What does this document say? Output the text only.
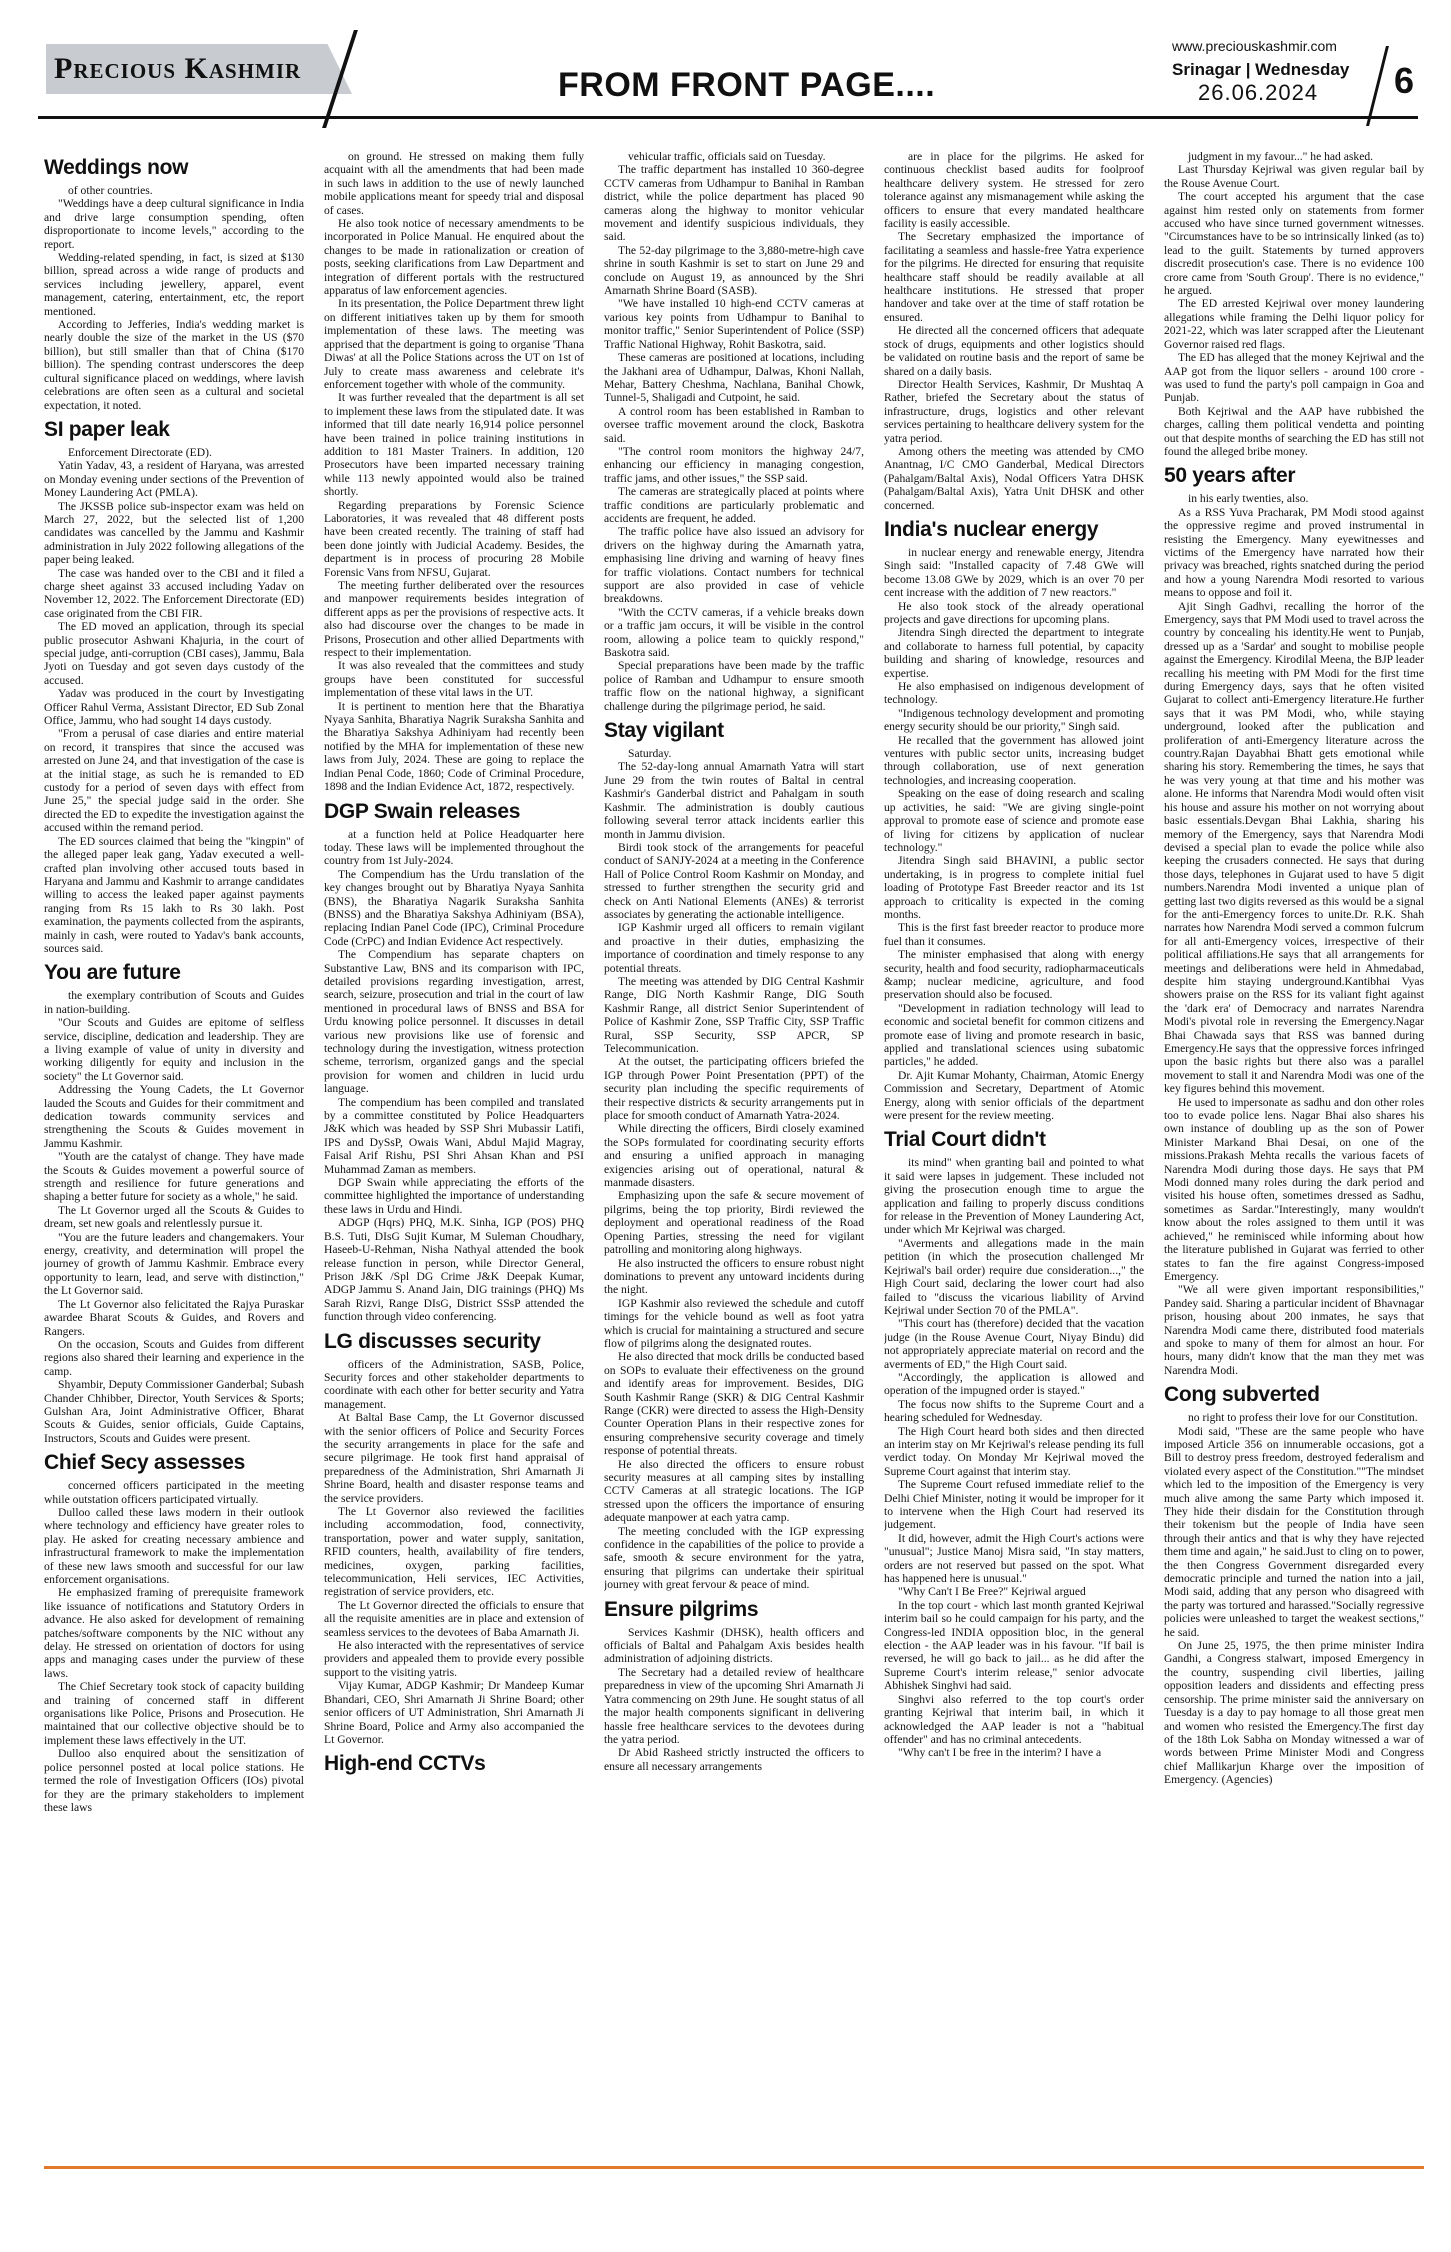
Precious Kashmir	FROM FRONT PAGE....
www.preciouskashmir.com
Srinagar | Wednesday
26.06.2024 6
Weddings now

of other countries.

"Weddings have a deep cultural significance in India and drive large consumption spending, often disproportionate to income levels," according to the report.

Wedding-related spending, in fact, is sized at $130 billion, spread across a wide range of products and services including jewellery, apparel, event management, catering, entertainment, etc, the report mentioned.

According to Jefferies, India's wedding market is nearly double the size of the market in the US ($70 billion), but still smaller than that of China ($170 billion). The spending contrast underscores the deep cultural significance placed on weddings, where lavish celebrations are often seen as a cultural and societal expectation, it noted.

SI paper leak

Enforcement Directorate (ED).

Yatin Yadav, 43, a resident of Haryana, was arrested on Monday evening under sections of the Prevention of Money Laundering Act (PMLA).

The JKSSB police sub-inspector exam was held on March 27, 2022, but the selected list of 1,200 candidates was cancelled by the Jammu and Kashmir administration in July 2022 following allegations of the paper being leaked.

The case was handed over to the CBI and it filed a charge sheet against 33 accused including Yadav on November 12, 2022. The Enforcement Directorate (ED) case originated from the CBI FIR.

The ED moved an application, through its special public prosecutor Ashwani Khajuria, in the court of special judge, anti-corruption (CBI cases), Jammu, Bala Jyoti on Tuesday and got seven days custody of the accused.

Yadav was produced in the court by Investigating Officer Rahul Verma, Assistant Director, ED Sub Zonal Office, Jammu, who had sought 14 days custody.

"From a perusal of case diaries and entire material on record, it transpires that since the accused was arrested on June 24, and that investigation of the case is at the initial stage, as such he is remanded to ED custody for a period of seven days with effect from June 25," the special judge said in the order. She directed the ED to expedite the investigation against the accused within the remand period.

The ED sources claimed that being the "kingpin" of the alleged paper leak gang, Yadav executed a well-crafted plan involving other accused touts based in Haryana and Jammu and Kashmir to arrange candidates willing to access the leaked paper against payments ranging from Rs 15 lakh to Rs 30 lakh. Post examination, the payments collected from the aspirants, mainly in cash, were routed to Yadav's bank accounts, sources said.

You are future

the exemplary contribution of Scouts and Guides in nation-building.

"Our Scouts and Guides are epitome of selfless service, discipline, dedication and leadership. They are a living example of value of unity in diversity and working diligently for equity and inclusion in the society" the Lt Governor said.

Addressing the Young Cadets, the Lt Governor lauded the Scouts and Guides for their commitment and dedication towards community services and strengthening the Scouts & Guides movement in Jammu Kashmir.

"Youth are the catalyst of change. They have made the Scouts & Guides movement a powerful source of strength and resilience for future generations and shaping a better future for society as a whole," he said.

The Lt Governor urged all the Scouts & Guides to dream, set new goals and relentlessly pursue it.

"You are the future leaders and changemakers. Your energy, creativity, and determination will propel the journey of growth of Jammu Kashmir. Embrace every opportunity to learn, lead, and serve with distinction," the Lt Governor said.

The Lt Governor also felicitated the Rajya Puraskar awardee Bharat Scouts & Guides, and Rovers and Rangers.

On the occasion, Scouts and Guides from different regions also shared their learning and experience in the camp.

Shyambir, Deputy Commissioner Ganderbal; Subash Chander Chhibber, Director, Youth Services & Sports; Gulshan Ara, Joint Administrative Officer, Bharat Scouts & Guides, senior officials, Guide Captains, Instructors, Scouts and Guides were present.

Chief Secy assesses

concerned officers participated in the meeting while outstation officers participated virtually.

Dulloo called these laws modern in their outlook where technology and efficiency have greater roles to play. He asked for creating necessary ambience and infrastructural framework to make the implementation of these new laws smooth and successful for our law enforcement organisations.

He emphasized framing of prerequisite framework like issuance of notifications and Statutory Orders in advance. He also asked for development of remaining patches/software components by the NIC without any delay. He stressed on orientation of doctors for using apps and managing cases under the purview of these laws.

The Chief Secretary took stock of capacity building and training of concerned staff in different organisations like Police, Prisons and Prosecution. He maintained that our collective objective should be to implement these laws effectively in the UT.

Dulloo also enquired about the sensitization of police personnel posted at local police stations. He termed the role of Investigation Officers (IOs) pivotal for they are the primary stakeholders to implement these laws

on ground. He stressed on making them fully acquaint with all the amendments that had been made in such laws in addition to the use of newly launched mobile applications meant for speedy trial and disposal of cases.

He also took notice of necessary amendments to be incorporated in Police Manual. He enquired about the changes to be made in rationalization or creation of posts, seeking clarifications from Law Department and integration of different portals with the restructured apparatus of law enforcement agencies.

In its presentation, the Police Department threw light on different initiatives taken up by them for smooth implementation of these laws. The meeting was apprised that the department is going to organise 'Thana Diwas' at all the Police Stations across the UT on 1st of July to create mass awareness and celebrate it's enforcement together with whole of the community.

It was further revealed that the department is all set to implement these laws from the stipulated date. It was informed that till date nearly 16,914 police personnel have been trained in police training institutions in addition to 181 Master Trainers. In addition, 120 Prosecutors have been imparted necessary training while 113 newly appointed would also be trained shortly.

Regarding preparations by Forensic Science Laboratories, it was revealed that 48 different posts have been created recently. The training of staff had been done jointly with Judicial Academy. Besides, the department is in process of procuring 28 Mobile Forensic Vans from NFSU, Gujarat.

The meeting further deliberated over the resources and manpower requirements besides integration of different apps as per the provisions of respective acts. It also had discourse over the changes to be made in Prisons, Prosecution and other allied Departments with respect to their implementation.

It was also revealed that the committees and study groups have been constituted for successful implementation of these vital laws in the UT.

It is pertinent to mention here that the Bharatiya Nyaya Sanhita, Bharatiya Nagrik Suraksha Sanhita and the Bharatiya Sakshya Adhiniyam had recently been notified by the MHA for implementation of these new laws from July, 2024. These are going to replace the Indian Penal Code, 1860; Code of Criminal Procedure, 1898 and the Indian Evidence Act, 1872, respectively.

DGP Swain releases

at a function held at Police Headquarter here today. These laws will be implemented throughout the country from 1st July-2024.

The Compendium has the Urdu translation of the key changes brought out by Bharatiya Nyaya Sanhita (BNS), the Bharatiya Nagarik Suraksha Sanhita (BNSS) and the Bharatiya Sakshya Adhiniyam (BSA), replacing Indian Panel Code (IPC), Criminal Procedure Code (CrPC) and Indian Evidence Act respectively.

The Compendium has separate chapters on Substantive Law, BNS and its comparison with IPC, detailed provisions regarding investigation, arrest, search, seizure, prosecution and trial in the court of law mentioned in procedural laws of BNSS and BSA for Urdu knowing police personnel. It discusses in detail various new provisions like use of forensic and technology during the investigation, witness protection scheme, terrorism, organized gangs and the special provision for women and children in lucid urdu language.

The compendium has been compiled and translated by a committee constituted by Police Headquarters J&K which was headed by SSP Shri Mubassir Latifi, IPS and DySsP, Owais Wani, Abdul Majid Magray, Faisal Arif Rishu, PSI Shri Ahsan Khan and PSI Muhammad Zaman as members.

DGP Swain while appreciating the efforts of the committee highlighted the importance of understanding these laws in Urdu and Hindi.

ADGP (Hqrs) PHQ, M.K. Sinha, IGP (POS) PHQ B.S. Tuti, DIsG Sujit Kumar, M Suleman Choudhary, Haseeb-U-Rehman, Nisha Nathyal attended the book release function in person, while Director General, Prison J&K /Spl DG Crime J&K Deepak Kumar, ADGP Jammu S. Anand Jain, DIG trainings (PHQ) Ms Sarah Rizvi, Range DIsG, District SSsP attended the function through video conferencing.

LG discusses security

officers of the Administration, SASB, Police, Security forces and other stakeholder departments to coordinate with each other for better security and Yatra management.

At Baltal Base Camp, the Lt Governor discussed with the senior officers of Police and Security Forces the security arrangements in place for the safe and secure pilgrimage. He took first hand appraisal of preparedness of the Administration, Shri Amarnath Ji Shrine Board, health and disaster response teams and the service providers.

The Lt Governor also reviewed the facilities including accommodation, food, connectivity, transportation, power and water supply, sanitation, RFID counters, health, availability of fire tenders, medicines, oxygen, parking facilities, telecommunication, Heli services, IEC Activities, registration of service providers, etc.

The Lt Governor directed the officials to ensure that all the requisite amenities are in place and extension of seamless services to the devotees of Baba Amarnath Ji.

He also interacted with the representatives of service providers and appealed them to provide every possible support to the visiting yatris.

Vijay Kumar, ADGP Kashmir; Dr Mandeep Kumar Bhandari, CEO, Shri Amarnath Ji Shrine Board; other senior officers of UT Administration, Shri Amarnath Ji Shrine Board, Police and Army also accompanied the Lt Governor.

High-end CCTVs

vehicular traffic, officials said on Tuesday.

The traffic department has installed 10 360-degree CCTV cameras from Udhampur to Banihal in Ramban district, while the police department has placed 90 cameras along the highway to monitor vehicular movement and identify suspicious individuals, they said.

The 52-day pilgrimage to the 3,880-metre-high cave shrine in south Kashmir is set to start on June 29 and conclude on August 19, as announced by the Shri Amarnath Shrine Board (SASB).

"We have installed 10 high-end CCTV cameras at various key points from Udhampur to Banihal to monitor traffic," Senior Superintendent of Police (SSP) Traffic National Highway, Rohit Baskotra, said.

These cameras are positioned at locations, including the Jakhani area of Udhampur, Dalwas, Khoni Nallah, Mehar, Battery Cheshma, Nachlana, Banihal Chowk, Tunnel-5, Shaligadi and Cutpoint, he said.

A control room has been established in Ramban to oversee traffic movement around the clock, Baskotra said.

"The control room monitors the highway 24/7, enhancing our efficiency in managing congestion, traffic jams, and other issues," the SSP said.

The cameras are strategically placed at points where traffic conditions are particularly problematic and accidents are frequent, he added.

The traffic police have also issued an advisory for drivers on the highway during the Amarnath yatra, emphasising line driving and warning of heavy fines for traffic violations. Contact numbers for technical support are also provided in case of vehicle breakdowns.

"With the CCTV cameras, if a vehicle breaks down or a traffic jam occurs, it will be visible in the control room, allowing a police team to quickly respond," Baskotra said.

Special preparations have been made by the traffic police of Ramban and Udhampur to ensure smooth traffic flow on the national highway, a significant challenge during the pilgrimage period, he said.

Stay vigilant

Saturday.

The 52-day-long annual Amarnath Yatra will start June 29 from the twin routes of Baltal in central Kashmir's Ganderbal district and Pahalgam in south Kashmir. The administration is doubly cautious following several terror attack incidents earlier this month in Jammu division.

Birdi took stock of the arrangements for peaceful conduct of SANJY-2024 at a meeting in the Conference Hall of Police Control Room Kashmir on Monday, and stressed to further strengthen the security grid and check on Anti National Elements (ANEs) & terrorist associates by generating the actionable intelligence.

IGP Kashmir urged all officers to remain vigilant and proactive in their duties, emphasizing the importance of coordination and timely response to any potential threats.

The meeting was attended by DIG Central Kashmir Range, DIG North Kashmir Range, DIG South Kashmir Range, all district Senior Superintendent of Police of Kashmir Zone, SSP Traffic City, SSP Traffic Rural, SSP Security, SSP APCR, SP Telecommunication.

At the outset, the participating officers briefed the IGP through Power Point Presentation (PPT) of the security plan including the specific requirements of their respective districts & security arrangements put in place for smooth conduct of Amarnath Yatra-2024.

While directing the officers, Birdi closely examined the SOPs formulated for coordinating security efforts and ensuring a unified approach in managing exigencies arising out of operational, natural & manmade disasters.

Emphasizing upon the safe & secure movement of pilgrims, being the top priority, Birdi reviewed the deployment and operational readiness of the Road Opening Parties, stressing the need for vigilant patrolling and monitoring along highways.

He also instructed the officers to ensure robust night dominations to prevent any untoward incidents during the night.

IGP Kashmir also reviewed the schedule and cutoff timings for the vehicle bound as well as foot yatra which is crucial for maintaining a structured and secure flow of pilgrims along the designated routes.

He also directed that mock drills be conducted based on SOPs to evaluate their effectiveness on the ground and identify areas for improvement. Besides, DIG South Kashmir Range (SKR) & DIG Central Kashmir Range (CKR) were directed to assess the High-Density Counter Operation Plans in their respective zones for ensuring comprehensive security coverage and timely response of potential threats.

He also directed the officers to ensure robust security measures at all camping sites by installing CCTV Cameras at all strategic locations. The IGP stressed upon the officers the importance of ensuring adequate manpower at each yatra camp.

The meeting concluded with the IGP expressing confidence in the capabilities of the police to provide a safe, smooth & secure environment for the yatra, ensuring that pilgrims can undertake their spiritual journey with great fervour & peace of mind.

Ensure pilgrims

Services Kashmir (DHSK), health officers and officials of Baltal and Pahalgam Axis besides health administration of adjoining districts.

The Secretary had a detailed review of healthcare preparedness in view of the upcoming Shri Amarnath Ji Yatra commencing on 29th June. He sought status of all the major health components significant in delivering hassle free healthcare services to the devotees during the yatra period.

Dr Abid Rasheed strictly instructed the officers to ensure all necessary arrangements

are in place for the pilgrims. He asked for continuous checklist based audits for foolproof healthcare delivery system. He stressed for zero tolerance against any mismanagement while asking the officers to ensure that every mandated healthcare facility is easily accessible.

The Secretary emphasized the importance of facilitating a seamless and hassle-free Yatra experience for the pilgrims. He directed for ensuring that requisite healthcare staff should be readily available at all healthcare institutions. He stressed that proper handover and take over at the time of staff rotation be ensured.

He directed all the concerned officers that adequate stock of drugs, equipments and other logistics should be validated on routine basis and the report of same be shared on a daily basis.

Director Health Services, Kashmir, Dr Mushtaq A Rather, briefed the Secretary about the status of infrastructure, drugs, logistics and other relevant services pertaining to healthcare delivery system for the yatra period.

Among others the meeting was attended by CMO Anantnag, I/C CMO Ganderbal, Medical Directors (Pahalgam/Baltal Axis), Nodal Officers Yatra DHSK (Pahalgam/Baltal Axis), Yatra Unit DHSK and other concerned.

India's nuclear energy

in nuclear energy and renewable energy, Jitendra Singh said: "Installed capacity of 7.48 GWe will become 13.08 GWe by 2029, which is an over 70 per cent increase with the addition of 7 new reactors."

He also took stock of the already operational projects and gave directions for upcoming plans.

Jitendra Singh directed the department to integrate and collaborate to harness full potential, by capacity building and sharing of knowledge, resources and expertise.

He also emphasised on indigenous development of technology.

"Indigenous technology development and promoting energy security should be our priority," Singh said.

He recalled that the government has allowed joint ventures with public sector units, increasing budget through collaboration, use of next generation technologies, and increasing cooperation.

Speaking on the ease of doing research and scaling up activities, he said: "We are giving single-point approval to promote ease of science and promote ease of living for citizens by application of nuclear technology."

Jitendra Singh said BHAVINI, a public sector undertaking, is in progress to complete initial fuel loading of Prototype Fast Breeder reactor and its 1st approach to criticality is expected in the coming months.

This is the first fast breeder reactor to produce more fuel than it consumes.

The minister emphasised that along with energy security, health and food security, radiopharmaceuticals &amp; nuclear medicine, agriculture, and food preservation should also be focused.

"Development in radiation technology will lead to economic and societal benefit for common citizens and promote ease of living and promote research in basic, applied and translational sciences using subatomic particles," he added.

Dr. Ajit Kumar Mohanty, Chairman, Atomic Energy Commission and Secretary, Department of Atomic Energy, along with senior officials of the department were present for the review meeting.

Trial Court didn't

its mind" when granting bail and pointed to what it said were lapses in judgement. These included not giving the prosecution enough time to argue the application and failing to properly discuss conditions for release in the Prevention of Money Laundering Act, under which Mr Kejriwal was charged.

"Averments and allegations made in the main petition (in which the prosecution challenged Mr Kejriwal's bail order) require due consideration...," the High Court said, declaring the lower court had also failed to "discuss the vicarious liability of Arvind Kejriwal under Section 70 of the PMLA".

"This court has (therefore) decided that the vacation judge (in the Rouse Avenue Court, Niyay Bindu) did not appropriately appreciate material on record and the averments of ED," the High Court said.

"Accordingly, the application is allowed and operation of the impugned order is stayed."

The focus now shifts to the Supreme Court and a hearing scheduled for Wednesday.

The High Court heard both sides and then directed an interim stay on Mr Kejriwal's release pending its full verdict today. On Monday Mr Kejriwal moved the Supreme Court against that interim stay.

The Supreme Court refused immediate relief to the Delhi Chief Minister, noting it would be improper for it to intervene when the High Court had reserved its judgement.

It did, however, admit the High Court's actions were "unusual"; Justice Manoj Misra said, "In stay matters, orders are not reserved but passed on the spot. What has happened here is unusual."

"Why Can't I Be Free?" Kejriwal argued

In the top court - which last month granted Kejriwal interim bail so he could campaign for his party, and the Congress-led INDIA opposition bloc, in the general election - the AAP leader was in his favour. "If bail is reversed, he will go back to jail... as he did after the Supreme Court's interim release," senior advocate Abhishek Singhvi had said.

Singhvi also referred to the top court's order granting Kejriwal that interim bail, in which it acknowledged the AAP leader is not a "habitual offender" and has no criminal antecedents.

"Why can't I be free in the interim? I have a

judgment in my favour..." he had asked.

Last Thursday Kejriwal was given regular bail by the Rouse Avenue Court.

The court accepted his argument that the case against him rested only on statements from former accused who have since turned government witnesses. "Circumstances have to be so intrinsically linked (as to) lead to the guilt. Statements by turned approvers discredit prosecution's case. There is no evidence 100 crore came from 'South Group'. There is no evidence," he argued.

The ED arrested Kejriwal over money laundering allegations while framing the Delhi liquor policy for 2021-22, which was later scrapped after the Lieutenant Governor raised red flags.

The ED has alleged that the money Kejriwal and the AAP got from the liquor sellers - around 100 crore - was used to fund the party's poll campaign in Goa and Punjab.

Both Kejriwal and the AAP have rubbished the charges, calling them political vendetta and pointing out that despite months of searching the ED has still not found the alleged bribe money.

50 years after

in his early twenties, also.

As a RSS Yuva Pracharak, PM Modi stood against the oppressive regime and proved instrumental in resisting the Emergency. Many eyewitnesses and victims of the Emergency have narrated how their privacy was breached, rights snatched during the period and how a young Narendra Modi resorted to various means to oppose and foil it.

Ajit Singh Gadhvi, recalling the horror of the Emergency, says that PM Modi used to travel across the country by concealing his identity.He went to Punjab, dressed up as a 'Sardar' and sought to mobilise people against the Emergency. Kirodilal Meena, the BJP leader recalling his meeting with PM Modi for the first time during Emergency days, says that he often visited Gujarat to collect anti-Emergency literature.He further says that it was PM Modi, who, while staying underground, looked after the publication and proliferation of anti-Emergency literature across the country.Rajan Dayabhai Bhatt gets emotional while sharing his story. Remembering the times, he says that he was very young at that time and his mother was alone. He informs that Narendra Modi would often visit his house and assure his mother on not worrying about basic essentials.Devgan Bhai Lakhia, sharing his memory of the Emergency, says that Narendra Modi devised a special plan to evade the police while also keeping the crusaders connected. He says that during those days, telephones in Gujarat used to have 5 digit numbers.Narendra Modi invented a unique plan of getting last two digits reversed as this would be a signal for the anti-Emergency forces to unite.Dr. R.K. Shah narrates how Narendra Modi served a common fulcrum for all anti-Emergency voices, irrespective of their political affiliations.He says that all arrangements for meetings and deliberations were held in Ahmedabad, despite him staying underground.Kantibhai Vyas showers praise on the RSS for its valiant fight against the 'dark era' of Democracy and narrates Narendra Modi's pivotal role in reversing the Emergency.Nagar Bhai Chawada says that RSS was banned during Emergency.He says that the oppressive forces infringed upon the basic rights but there also was a parallel movement to stall it and Narendra Modi was one of the key figures behind this movement.

He used to impersonate as sadhu and don other roles too to evade police lens. Nagar Bhai also shares his own instance of doubling up as the son of Power Minister Markand Bhai Desai, on one of the missions.Prakash Mehta recalls the various facets of Narendra Modi during those days. He says that PM Modi donned many roles during the dark period and visited his house often, sometimes dressed as Sadhu, sometimes as Sardar."Interestingly, many wouldn't know about the roles assigned to them until it was achieved," he reminisced while informing about how the literature published in Gujarat was ferried to other states to fan the fire against Congress-imposed Emergency.

"We all were given important responsibilities," Pandey said. Sharing a particular incident of Bhavnagar prison, housing about 200 inmates, he says that Narendra Modi came there, distributed food materials and spoke to many of them for almost an hour. For hours, many didn't know that the man they met was Narendra Modi.

Cong subverted

no right to profess their love for our Constitution.

Modi said, "These are the same people who have imposed Article 356 on innumerable occasions, got a Bill to destroy press freedom, destroyed federalism and violated every aspect of the Constitution.""The mindset which led to the imposition of the Emergency is very much alive among the same Party which imposed it. They hide their disdain for the Constitution through their tokenism but the people of India have seen through their antics and that is why they have rejected them time and again," he said.Just to cling on to power, the then Congress Government disregarded every democratic principle and turned the nation into a jail, Modi said, adding that any person who disagreed with the party was tortured and harassed."Socially regressive policies were unleashed to target the weakest sections," he said.

On June 25, 1975, the then prime minister Indira Gandhi, a Congress stalwart, imposed Emergency in the country, suspending civil liberties, jailing opposition leaders and dissidents and effecting press censorship. The prime minister said the anniversary on Tuesday is a day to pay homage to all those great men and women who resisted the Emergency.The first day of the 18th Lok Sabha on Monday witnessed a war of words between Prime Minister Modi and Congress chief Mallikarjun Kharge over the imposition of Emergency. (Agencies)
